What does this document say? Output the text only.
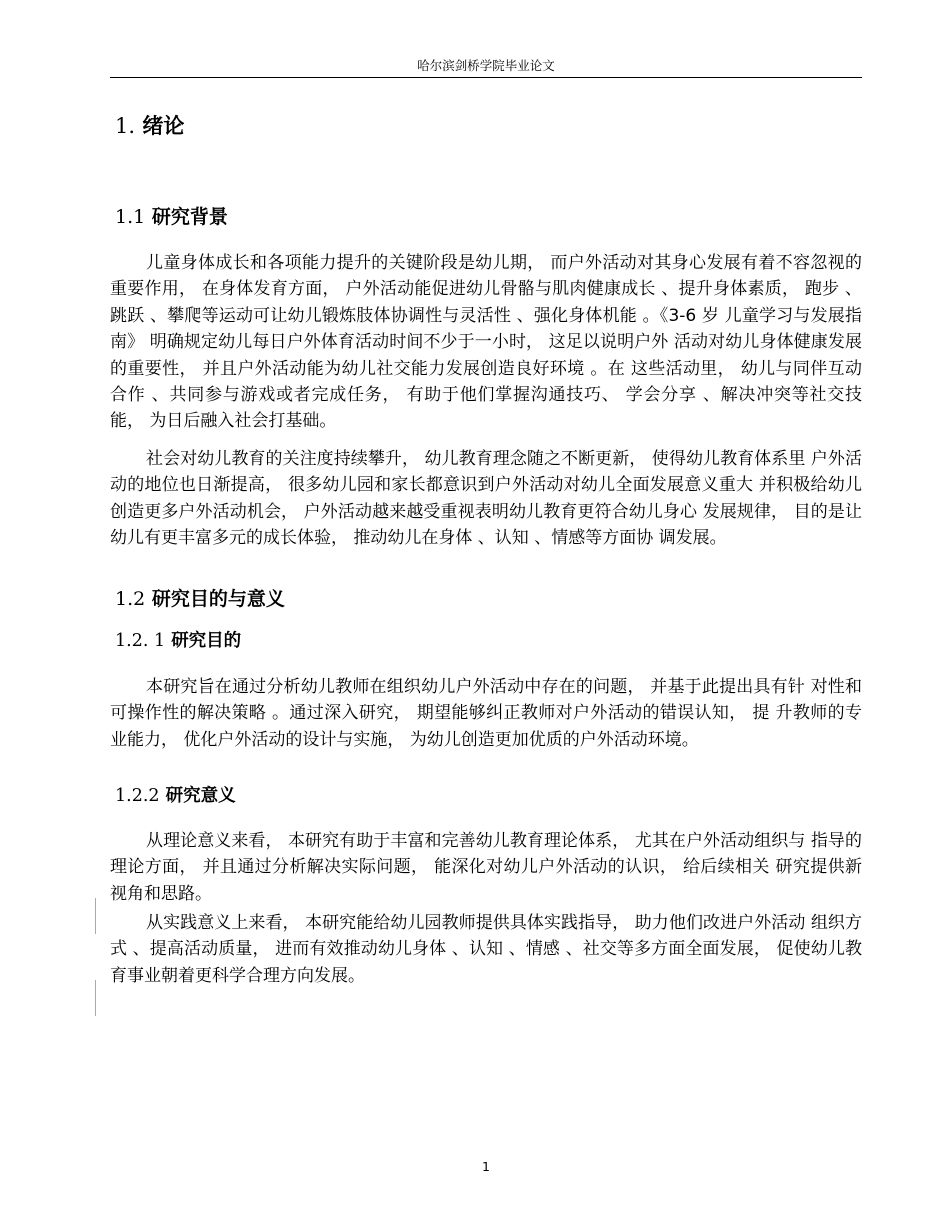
哈尔滨剑桥学院毕业论文
1. 绪论
1.1 研究背景

儿童身体成长和各项能力提升的关键阶段是幼儿期， 而户外活动对其身心发展有着不容忽视的重要作用， 在身体发育方面， 户外活动能促进幼儿骨骼与肌肉健康成长 、提升身体素质， 跑步 、跳跃 、攀爬等运动可让幼儿锻炼肢体协调性与灵活性 、强化身体机能 。《3-6 岁 儿童学习与发展指南》 明确规定幼儿每日户外体育活动时间不少于一小时， 这足以说明户外 活动对幼儿身体健康发展的重要性， 并且户外活动能为幼儿社交能力发展创造良好环境 。在 这些活动里， 幼儿与同伴互动合作 、共同参与游戏或者完成任务， 有助于他们掌握沟通技巧、 学会分享 、解决冲突等社交技能， 为日后融入社会打基础。

社会对幼儿教育的关注度持续攀升， 幼儿教育理念随之不断更新， 使得幼儿教育体系里 户外活动的地位也日渐提高， 很多幼儿园和家长都意识到户外活动对幼儿全面发展意义重大 并积极给幼儿创造更多户外活动机会， 户外活动越来越受重视表明幼儿教育更符合幼儿身心 发展规律， 目的是让幼儿有更丰富多元的成长体验， 推动幼儿在身体 、认知 、情感等方面协 调发展。

1.2 研究目的与意义
1.2. 1 研究目的

本研究旨在通过分析幼儿教师在组织幼儿户外活动中存在的问题， 并基于此提出具有针 对性和可操作性的解决策略 。通过深入研究， 期望能够纠正教师对户外活动的错误认知， 提 升教师的专业能力， 优化户外活动的设计与实施， 为幼儿创造更加优质的户外活动环境。

1.2.2 研究意义

从理论意义来看， 本研究有助于丰富和完善幼儿教育理论体系， 尤其在户外活动组织与 指导的理论方面， 并且通过分析解决实际问题， 能深化对幼儿户外活动的认识， 给后续相关 研究提供新视角和思路。

从实践意义上来看， 本研究能给幼儿园教师提供具体实践指导， 助力他们改进户外活动 组织方式 、提高活动质量， 进而有效推动幼儿身体 、认知 、情感 、社交等多方面全面发展， 促使幼儿教育事业朝着更科学合理方向发展。

1
